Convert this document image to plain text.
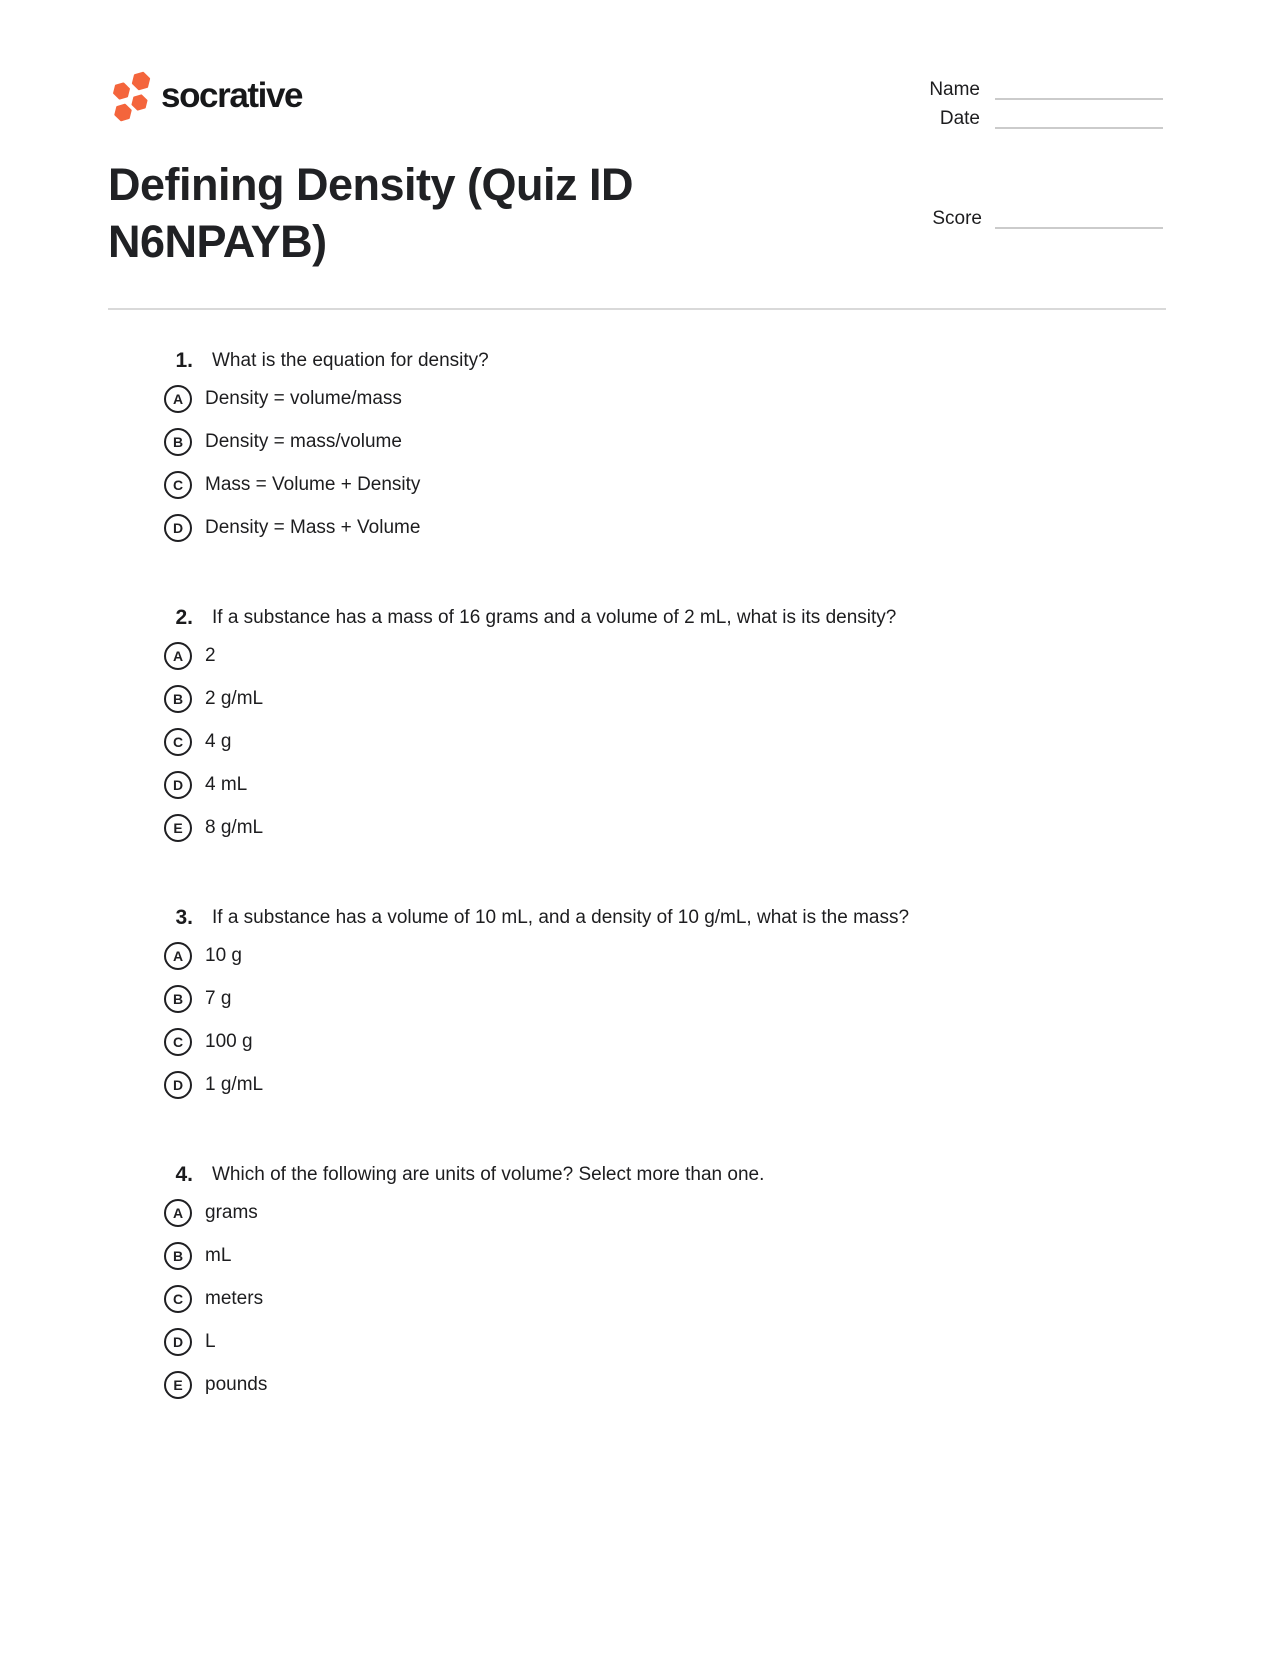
socrative	Name
Date
Score
Defining Density (Quiz ID
N6NPAYB)
1. What is the equation for density?
A	Density = volume/mass
B	Density = mass/volume
C	Mass = Volume + Density
D	Density = Mass + Volume
2. If a substance has a mass of 16 grams and a volume of 2 mL, what is its density?
A	2
B	2 g/mL
C	4 g
D	4 mL
E	8 g/mL
3. If a substance has a volume of 10 mL, and a density of 10 g/mL, what is the mass?
A	10 g
B	7 g
C	100 g
D	1 g/mL
4. Which of the following are units of volume? Select more than one.
A	grams
B	mL
C	meters
D	L
E	pounds
